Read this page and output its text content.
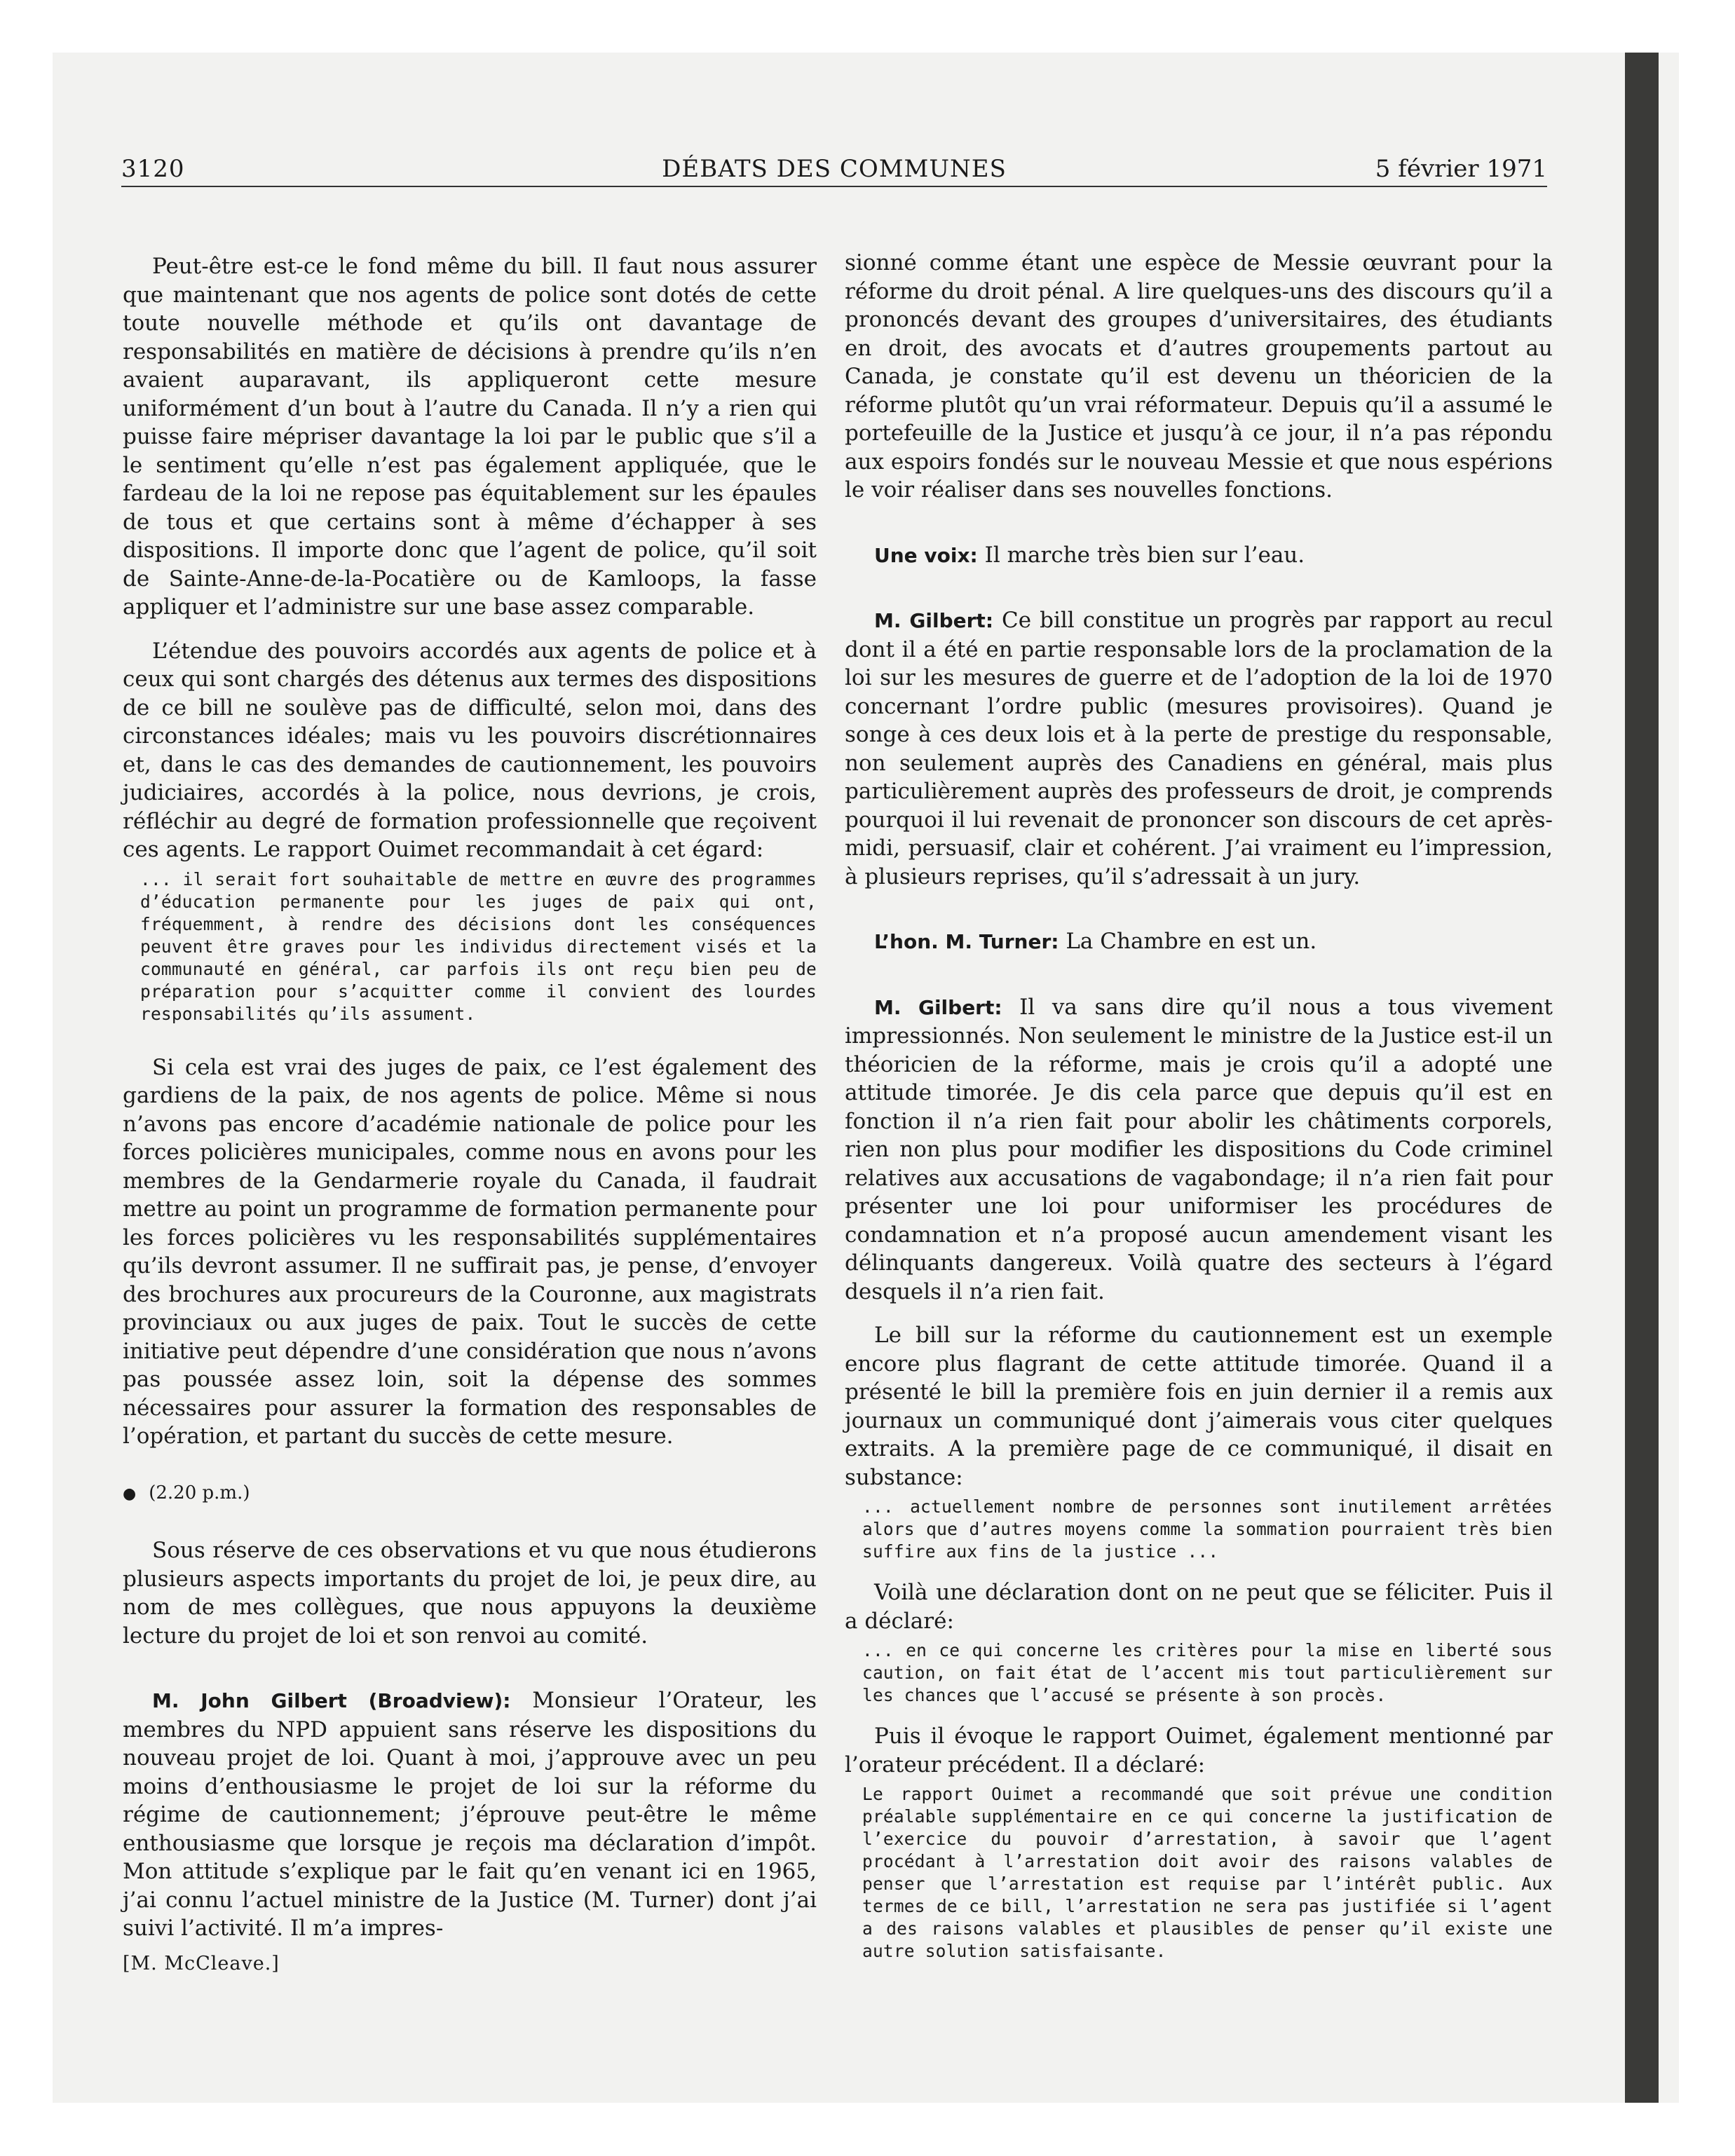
3120	DÉBATS DES COMMUNES	5 février 1971

Peut-être est-ce le fond même du bill. Il faut nous assurer que maintenant que nos agents de police sont dotés de cette toute nouvelle méthode et qu’ils ont davantage de responsabilités en matière de décisions à prendre qu’ils n’en avaient auparavant, ils appliqueront cette mesure uniformément d’un bout à l’autre du Canada. Il n’y a rien qui puisse faire mépriser davantage la loi par le public que s’il a le sentiment qu’elle n’est pas également appliquée, que le fardeau de la loi ne repose pas équitablement sur les épaules de tous et que certains sont à même d’échapper à ses dispositions. Il importe donc que l’agent de police, qu’il soit de Sainte-Anne-de-la-Pocatière ou de Kamloops, la fasse appliquer et l’administre sur une base assez comparable.

L’étendue des pouvoirs accordés aux agents de police et à ceux qui sont chargés des détenus aux termes des dispositions de ce bill ne soulève pas de difficulté, selon moi, dans des circonstances idéales; mais vu les pouvoirs discrétionnaires et, dans le cas des demandes de cautionnement, les pouvoirs judiciaires, accordés à la police, nous devrions, je crois, réfléchir au degré de formation professionnelle que reçoivent ces agents. Le rapport Ouimet recommandait à cet égard:

... il serait fort souhaitable de mettre en œuvre des programmes d’éducation permanente pour les juges de paix qui ont, fréquemment, à rendre des décisions dont les conséquences peuvent être graves pour les individus directement visés et la communauté en général, car parfois ils ont reçu bien peu de préparation pour s’acquitter comme il convient des lourdes responsabilités qu’ils assument.

Si cela est vrai des juges de paix, ce l’est également des gardiens de la paix, de nos agents de police. Même si nous n’avons pas encore d’académie nationale de police pour les forces policières municipales, comme nous en avons pour les membres de la Gendarmerie royale du Canada, il faudrait mettre au point un programme de formation permanente pour les forces policières vu les responsabilités supplémentaires qu’ils devront assumer. Il ne suffirait pas, je pense, d’envoyer des brochures aux procureurs de la Couronne, aux magistrats provinciaux ou aux juges de paix. Tout le succès de cette initiative peut dépendre d’une considération que nous n’avons pas poussée assez loin, soit la dépense des sommes nécessaires pour assurer la formation des responsables de l’opération, et partant du succès de cette mesure.

● (2.20 p.m.)

Sous réserve de ces observations et vu que nous étudierons plusieurs aspects importants du projet de loi, je peux dire, au nom de mes collègues, que nous appuyons la deuxième lecture du projet de loi et son renvoi au comité.

M. John Gilbert (Broadview): Monsieur l’Orateur, les membres du NPD appuient sans réserve les dispositions du nouveau projet de loi. Quant à moi, j’approuve avec un peu moins d’enthousiasme le projet de loi sur la réforme du régime de cautionnement; j’éprouve peut-être le même enthousiasme que lorsque je reçois ma déclaration d’impôt. Mon attitude s’explique par le fait qu’en venant ici en 1965, j’ai connu l’actuel ministre de la Justice (M. Turner) dont j’ai suivi l’activité. Il m’a impres-

[M. McCleave.]

sionné comme étant une espèce de Messie œuvrant pour la réforme du droit pénal. A lire quelques-uns des discours qu’il a prononcés devant des groupes d’universitaires, des étudiants en droit, des avocats et d’autres groupements partout au Canada, je constate qu’il est devenu un théoricien de la réforme plutôt qu’un vrai réformateur. Depuis qu’il a assumé le portefeuille de la Justice et jusqu’à ce jour, il n’a pas répondu aux espoirs fondés sur le nouveau Messie et que nous espérions le voir réaliser dans ses nouvelles fonctions.

Une voix: Il marche très bien sur l’eau.

M. Gilbert: Ce bill constitue un progrès par rapport au recul dont il a été en partie responsable lors de la proclamation de la loi sur les mesures de guerre et de l’adoption de la loi de 1970 concernant l’ordre public (mesures provisoires). Quand je songe à ces deux lois et à la perte de prestige du responsable, non seulement auprès des Canadiens en général, mais plus particulièrement auprès des professeurs de droit, je comprends pourquoi il lui revenait de prononcer son discours de cet après-midi, persuasif, clair et cohérent. J’ai vraiment eu l’impression, à plusieurs reprises, qu’il s’adressait à un jury.

L’hon. M. Turner: La Chambre en est un.

M. Gilbert: Il va sans dire qu’il nous a tous vivement impressionnés. Non seulement le ministre de la Justice est-il un théoricien de la réforme, mais je crois qu’il a adopté une attitude timorée. Je dis cela parce que depuis qu’il est en fonction il n’a rien fait pour abolir les châtiments corporels, rien non plus pour modifier les dispositions du Code criminel relatives aux accusations de vagabondage; il n’a rien fait pour présenter une loi pour uniformiser les procédures de condamnation et n’a proposé aucun amendement visant les délinquants dangereux. Voilà quatre des secteurs à l’égard desquels il n’a rien fait.

Le bill sur la réforme du cautionnement est un exemple encore plus flagrant de cette attitude timorée. Quand il a présenté le bill la première fois en juin dernier il a remis aux journaux un communiqué dont j’aimerais vous citer quelques extraits. A la première page de ce communiqué, il disait en substance:

... actuellement nombre de personnes sont inutilement arrêtées alors que d’autres moyens comme la sommation pourraient très bien suffire aux fins de la justice ...

Voilà une déclaration dont on ne peut que se féliciter. Puis il a déclaré:

... en ce qui concerne les critères pour la mise en liberté sous caution, on fait état de l’accent mis tout particulièrement sur les chances que l’accusé se présente à son procès.

Puis il évoque le rapport Ouimet, également mentionné par l’orateur précédent. Il a déclaré:

Le rapport Ouimet a recommandé que soit prévue une condition préalable supplémentaire en ce qui concerne la justification de l’exercice du pouvoir d’arrestation, à savoir que l’agent procédant à l’arrestation doit avoir des raisons valables de penser que l’arrestation est requise par l’intérêt public. Aux termes de ce bill, l’arrestation ne sera pas justifiée si l’agent a des raisons valables et plausibles de penser qu’il existe une autre solution satisfaisante.
